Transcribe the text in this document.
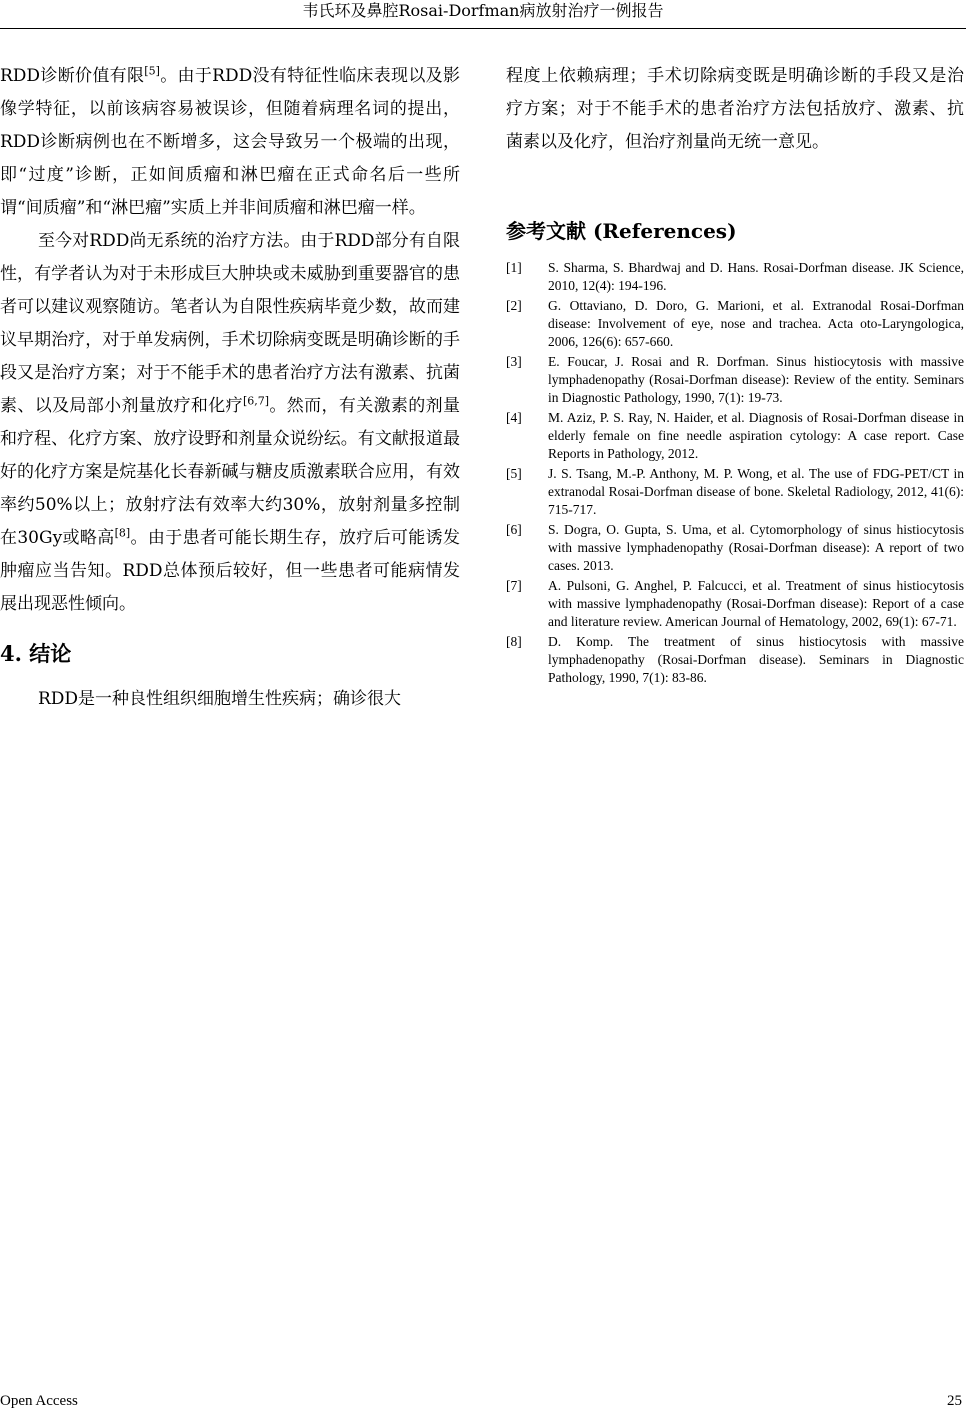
韦氏环及鼻腔Rosai-Dorfman病放射治疗一例报告

RDD诊断价值有限[5]。由于RDD没有特征性临床表现以及影像学特征，以前该病容易被误诊，但随着病理名词的提出，RDD诊断病例也在不断增多，这会导致另一个极端的出现，即“过度”诊断，正如间质瘤和淋巴瘤在正式命名后一些所谓“间质瘤”和“淋巴瘤”实质上并非间质瘤和淋巴瘤一样。

至今对RDD尚无系统的治疗方法。由于RDD部分有自限性，有学者认为对于未形成巨大肿块或未威胁到重要器官的患者可以建议观察随访。笔者认为自限性疾病毕竟少数，故而建议早期治疗，对于单发病例，手术切除病变既是明确诊断的手段又是治疗方案；对于不能手术的患者治疗方法有激素、抗菌素、以及局部小剂量放疗和化疗[6,7]。然而，有关激素的剂量和疗程、化疗方案、放疗设野和剂量众说纷纭。有文献报道最好的化疗方案是烷基化长春新碱与糖皮质激素联合应用，有效率约50%以上；放射疗法有效率大约30%，放射剂量多控制在30Gy或略高[8]。由于患者可能长期生存，放疗后可能诱发肿瘤应当告知。RDD总体预后较好，但一些患者可能病情发展出现恶性倾向。

4. 结论

RDD是一种良性组织细胞增生性疾病；确诊很大

程度上依赖病理；手术切除病变既是明确诊断的手段又是治疗方案；对于不能手术的患者治疗方法包括放疗、激素、抗菌素以及化疗，但治疗剂量尚无统一意见。

参考文献 (References)
[1]	S. Sharma, S. Bhardwaj and D. Hans. Rosai-Dorfman disease. JK Science, 2010, 12(4): 194-196.
[2]	G. Ottaviano, D. Doro, G. Marioni, et al. Extranodal Rosai-Dorfman disease: Involvement of eye, nose and trachea. Acta oto-Laryngologica, 2006, 126(6): 657-660.
[3]	E. Foucar, J. Rosai and R. Dorfman. Sinus histiocytosis with massive lymphadenopathy (Rosai-Dorfman disease): Review of the entity. Seminars in Diagnostic Pathology, 1990, 7(1): 19-73.
[4]	M. Aziz, P. S. Ray, N. Haider, et al. Diagnosis of Rosai-Dorfman disease in elderly female on fine needle aspiration cytology: A case report. Case Reports in Pathology, 2012.
[5]	J. S. Tsang, M.-P. Anthony, M. P. Wong, et al. The use of FDG-PET/CT in extranodal Rosai-Dorfman disease of bone. Skeletal Radiology, 2012, 41(6): 715-717.
[6]	S. Dogra, O. Gupta, S. Uma, et al. Cytomorphology of sinus histiocytosis with massive lymphadenopathy (Rosai-Dorfman disease): A report of two cases. 2013.
[7]	A. Pulsoni, G. Anghel, P. Falcucci, et al. Treatment of sinus histiocytosis with massive lymphadenopathy (Rosai-Dorfman disease): Report of a case and literature review. American Journal of Hematology, 2002, 69(1): 67-71.
[8]	D. Komp. The treatment of sinus histiocytosis with massive lymphadenopathy (Rosai-Dorfman disease). Seminars in Diagnostic Pathology, 1990, 7(1): 83-86.
Open Access	25
